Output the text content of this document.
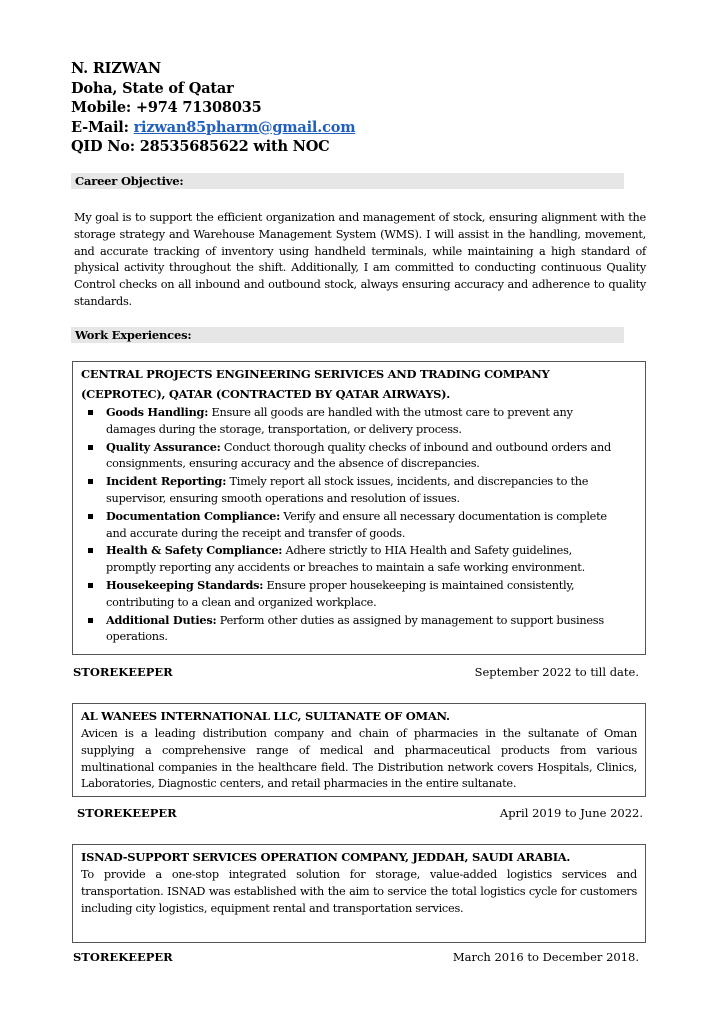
N. RIZWAN
Doha, State of Qatar
Mobile: +974 71308035
E-Mail: rizwan85pharm@gmail.com
QID No: 28535685622 with NOC
Career Objective:
My goal is to support the efficient organization and management of stock, ensuring alignment with the storage strategy and Warehouse Management System (WMS). I will assist in the handling, movement, and accurate tracking of inventory using handheld terminals, while maintaining a high standard of physical activity throughout the shift. Additionally, I am committed to conducting continuous Quality Control checks on all inbound and outbound stock, always ensuring accuracy and adherence to quality standards.
Work Experiences:
CENTRAL PROJECTS ENGINEERING SERIVICES AND TRADING COMPANY
(CEPROTEC), QATAR (CONTRACTED BY QATAR AIRWAYS).
Goods Handling: Ensure all goods are handled with the utmost care to prevent any damages during the storage, transportation, or delivery process.
Quality Assurance: Conduct thorough quality checks of inbound and outbound orders and consignments, ensuring accuracy and the absence of discrepancies.
Incident Reporting: Timely report all stock issues, incidents, and discrepancies to the supervisor, ensuring smooth operations and resolution of issues.
Documentation Compliance: Verify and ensure all necessary documentation is complete and accurate during the receipt and transfer of goods.
Health & Safety Compliance: Adhere strictly to HIA Health and Safety guidelines, promptly reporting any accidents or breaches to maintain a safe working environment.
Housekeeping Standards: Ensure proper housekeeping is maintained consistently, contributing to a clean and organized workplace.
Additional Duties: Perform other duties as assigned by management to support business operations.
STOREKEEPER	September 2022 to till date.
AL WANEES INTERNATIONAL LLC, SULTANATE OF OMAN.
Avicen is a leading distribution company and chain of pharmacies in the sultanate of Oman supplying a comprehensive range of medical and pharmaceutical products from various multinational companies in the healthcare field. The Distribution network covers Hospitals, Clinics, Laboratories, Diagnostic centers, and retail pharmacies in the entire sultanate.
STOREKEEPER	April 2019 to June 2022.
ISNAD-SUPPORT SERVICES OPERATION COMPANY, JEDDAH, SAUDI ARABIA.
To provide a one-stop integrated solution for storage, value-added logistics services and transportation. ISNAD was established with the aim to service the total logistics cycle for customers including city logistics, equipment rental and transportation services.
STOREKEEPER	March 2016 to December 2018.
